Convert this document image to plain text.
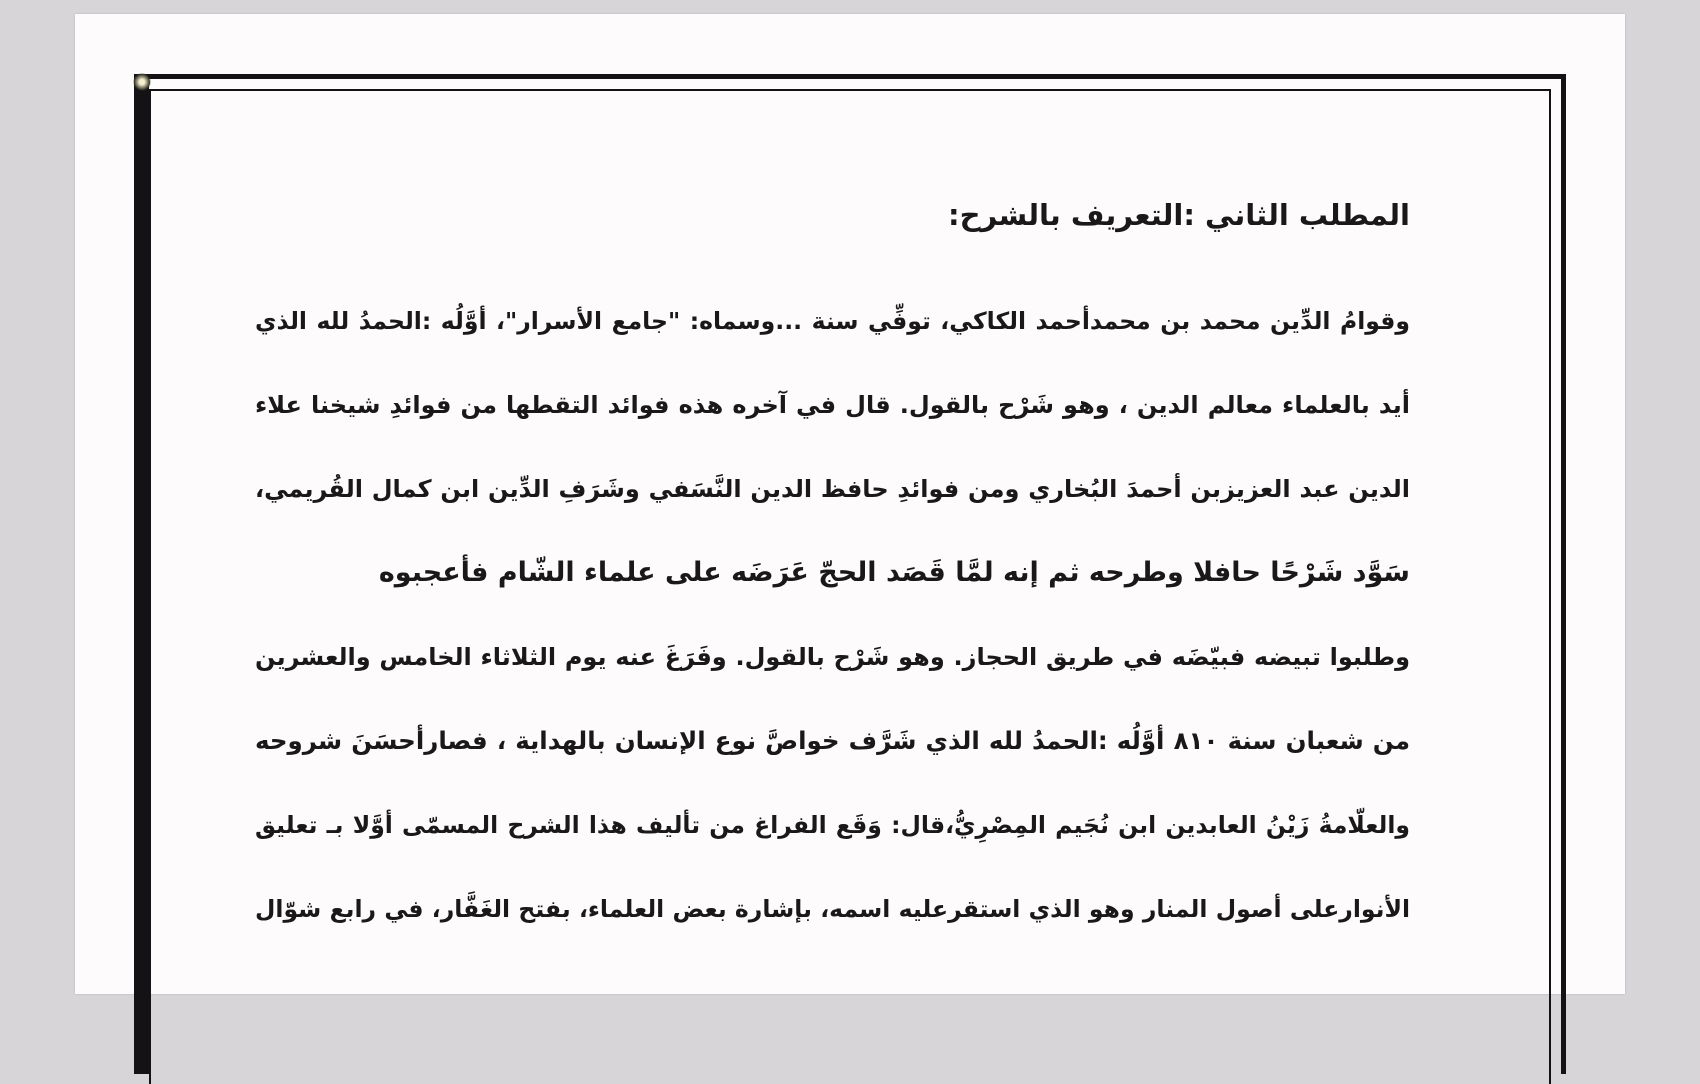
المطلب الثاني :التعريف بالشرح:
وقوامُ الدِّين محمد بن محمدأحمد الكاكي، توفِّي سنة ...وسماه: "جامع الأسرار"، أوَّلُه :الحمدُ لله الذي
أيد بالعلماء معالم الدين ، وهو شَرْح بالقول. قال في آخره هذه فوائد التقطها من فوائدِ شيخنا علاء
الدين عبد العزيزبن أحمدَ البُخاري ومن فوائدِ حافظ الدين النَّسَفي وشَرَفِ الدِّين ابن كمال القُريمي،
سَوَّد شَرْحًا حافلا وطرحه ثم إنه لمَّا قَصَد الحجّ عَرَضَه على علماء الشّام فأعجبوه
وطلبوا تبيضه فبيّضَه في طريق الحجاز. وهو شَرْح بالقول. وفَرَغَ عنه يوم الثلاثاء الخامس والعشرين
من شعبان سنة ٨١٠ أوَّلُه :الحمدُ لله الذي شَرَّف خواصَّ نوع الإنسان بالهداية ، فصارأحسَنَ شروحه
والعلّامةُ زَيْنُ العابدين ابن نُجَيم المِصْرِيُّ،قال: وَقَع الفراغ من تأليف هذا الشرح المسمّى أوَّلا بـ تعليق
الأنوارعلى أصول المنار وهو الذي استقرعليه اسمه، بإشارة بعض العلماء، بفتح الغَفَّار، في رابع شوّال
